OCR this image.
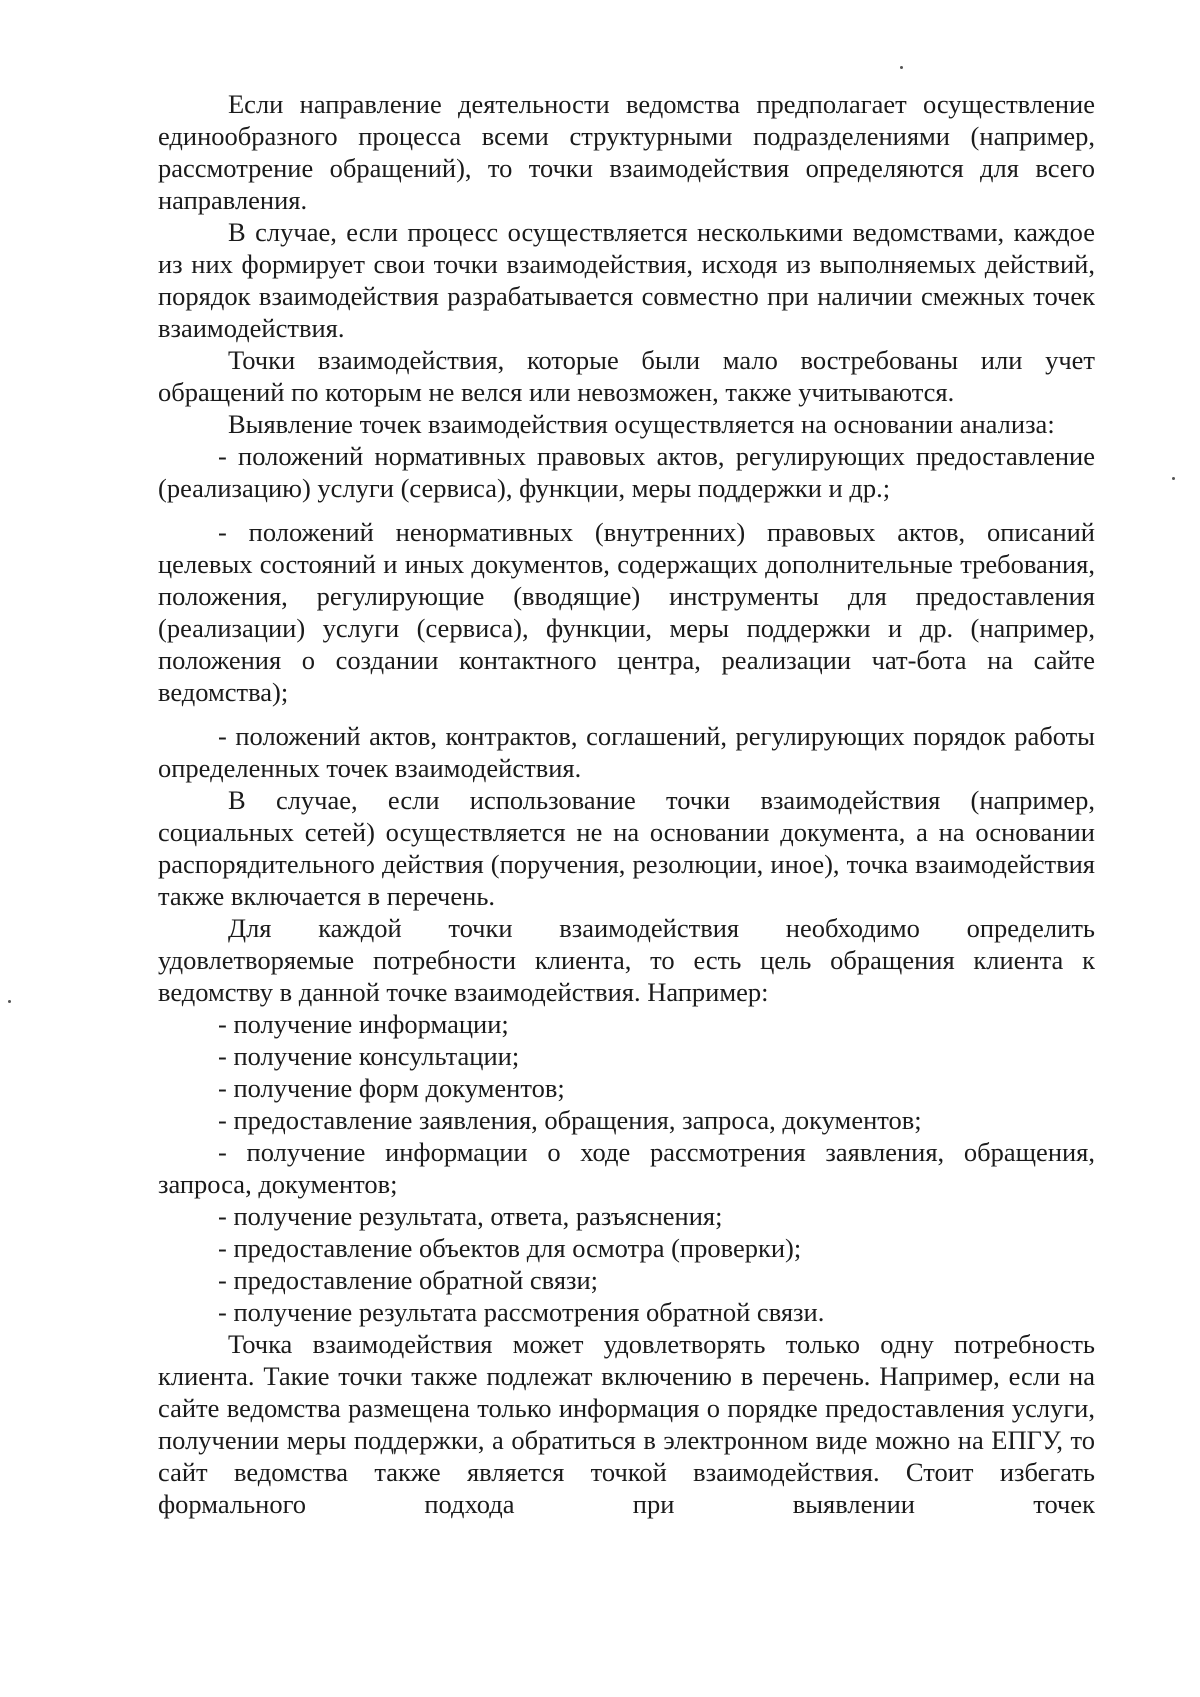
Если направление деятельности ведомства предполагает осуществление единообразного процесса всеми структурными подразделениями (например, рассмотрение обращений), то точки взаимодействия определяются для всего направления.

В случае, если процесс осуществляется несколькими ведомствами, каждое из них формирует свои точки взаимодействия, исходя из выполняемых действий, порядок взаимодействия разрабатывается совместно при наличии смежных точек взаимодействия.

Точки взаимодействия, которые были мало востребованы или учет обращений по которым не велся или невозможен, также учитываются.

Выявление точек взаимодействия осуществляется на основании анализа:

- положений нормативных правовых актов, регулирующих предоставление (реализацию) услуги (сервиса), функции, меры поддержки и др.;

- положений ненормативных (внутренних) правовых актов, описаний целевых состояний и иных документов, содержащих дополнительные требования, положения, регулирующие (вводящие) инструменты для предоставления (реализации) услуги (сервиса), функции, меры поддержки и др. (например, положения о создании контактного центра, реализации чат-бота на сайте ведомства);

- положений актов, контрактов, соглашений, регулирующих порядок работы определенных точек взаимодействия.

В случае, если использование точки взаимодействия (например, социальных сетей) осуществляется не на основании документа, а на основании распорядительного действия (поручения, резолюции, иное), точка взаимодействия также включается в перечень.

Для каждой точки взаимодействия необходимо определить удовлетворяемые потребности клиента, то есть цель обращения клиента к ведомству в данной точке взаимодействия. Например:

- получение информации;

- получение консультации;

- получение форм документов;

- предоставление заявления, обращения, запроса, документов;

- получение информации о ходе рассмотрения заявления, обращения, запроса, документов;

- получение результата, ответа, разъяснения;

- предоставление объектов для осмотра (проверки);

- предоставление обратной связи;

- получение результата рассмотрения обратной связи.

Точка взаимодействия может удовлетворять только одну потребность клиента. Такие точки также подлежат включению в перечень. Например, если на сайте ведомства размещена только информация о порядке предоставления услуги, получении меры поддержки, а обратиться в электронном виде можно на ЕПГУ, то сайт ведомства также является точкой взаимодействия. Стоит избегать формального подхода при выявлении точек
